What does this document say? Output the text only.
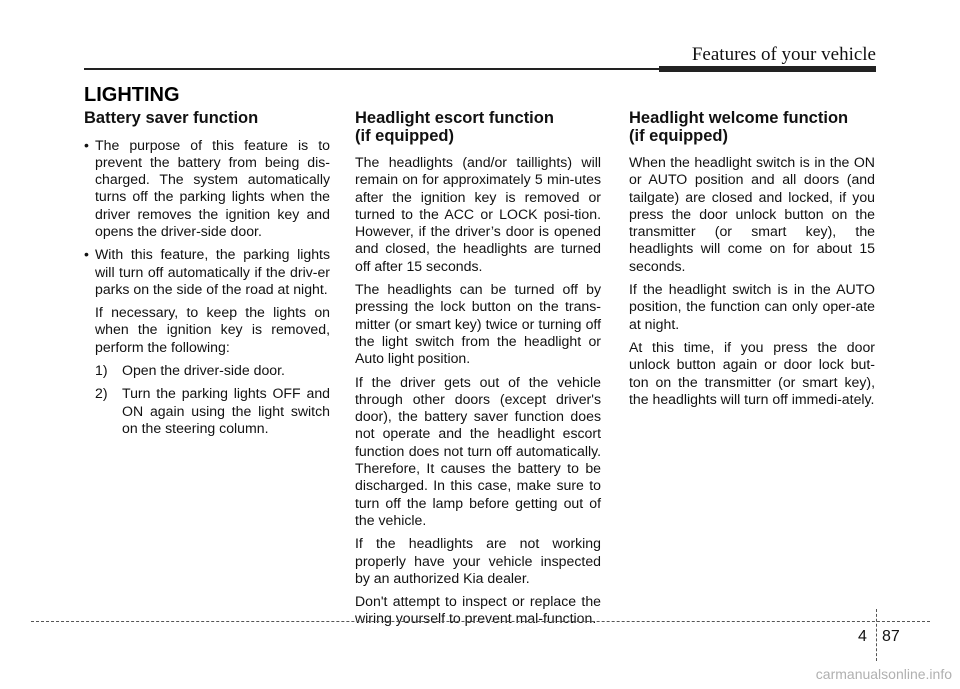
Features of your vehicle
LIGHTING
Battery saver function
• The purpose of this feature is to prevent the battery from being dis-charged. The system automatically turns off the parking lights when the driver removes the ignition key and opens the driver-side door.
• With this feature, the parking lights will turn off automatically if the driv-er parks on the side of the road at night.
If necessary, to keep the lights on when the ignition key is removed, perform the following:
1) Open the driver-side door.
2) Turn the parking lights OFF and ON again using the light switch on the steering column.
Headlight escort function
(if equipped)

The headlights (and/or taillights) will remain on for approximately 5 min-utes after the ignition key is removed or turned to the ACC or LOCK posi-tion. However, if the driver’s door is opened and closed, the headlights are turned off after 15 seconds.

The headlights can be turned off by pressing the lock button on the trans-mitter (or smart key) twice or turning off the light switch from the headlight or Auto light position.

If the driver gets out of the vehicle through other doors (except driver's door), the battery saver function does not operate and the headlight escort function does not turn off automatically. Therefore, It causes the battery to be discharged. In this case, make sure to turn off the lamp before getting out of the vehicle.

If the headlights are not working properly have your vehicle inspected by an authorized Kia dealer.

Don't attempt to inspect or replace the wiring yourself to prevent mal-function.

Headlight welcome function
(if equipped)

When the headlight switch is in the ON or AUTO position and all doors (and tailgate) are closed and locked, if you press the door unlock button on the transmitter (or smart key), the headlights will come on for about 15 seconds.

If the headlight switch is in the AUTO position, the function can only oper-ate at night.

At this time, if you press the door unlock button again or door lock but-ton on the transmitter (or smart key), the headlights will turn off immedi-ately.

4 87
carmanualsonline.info
